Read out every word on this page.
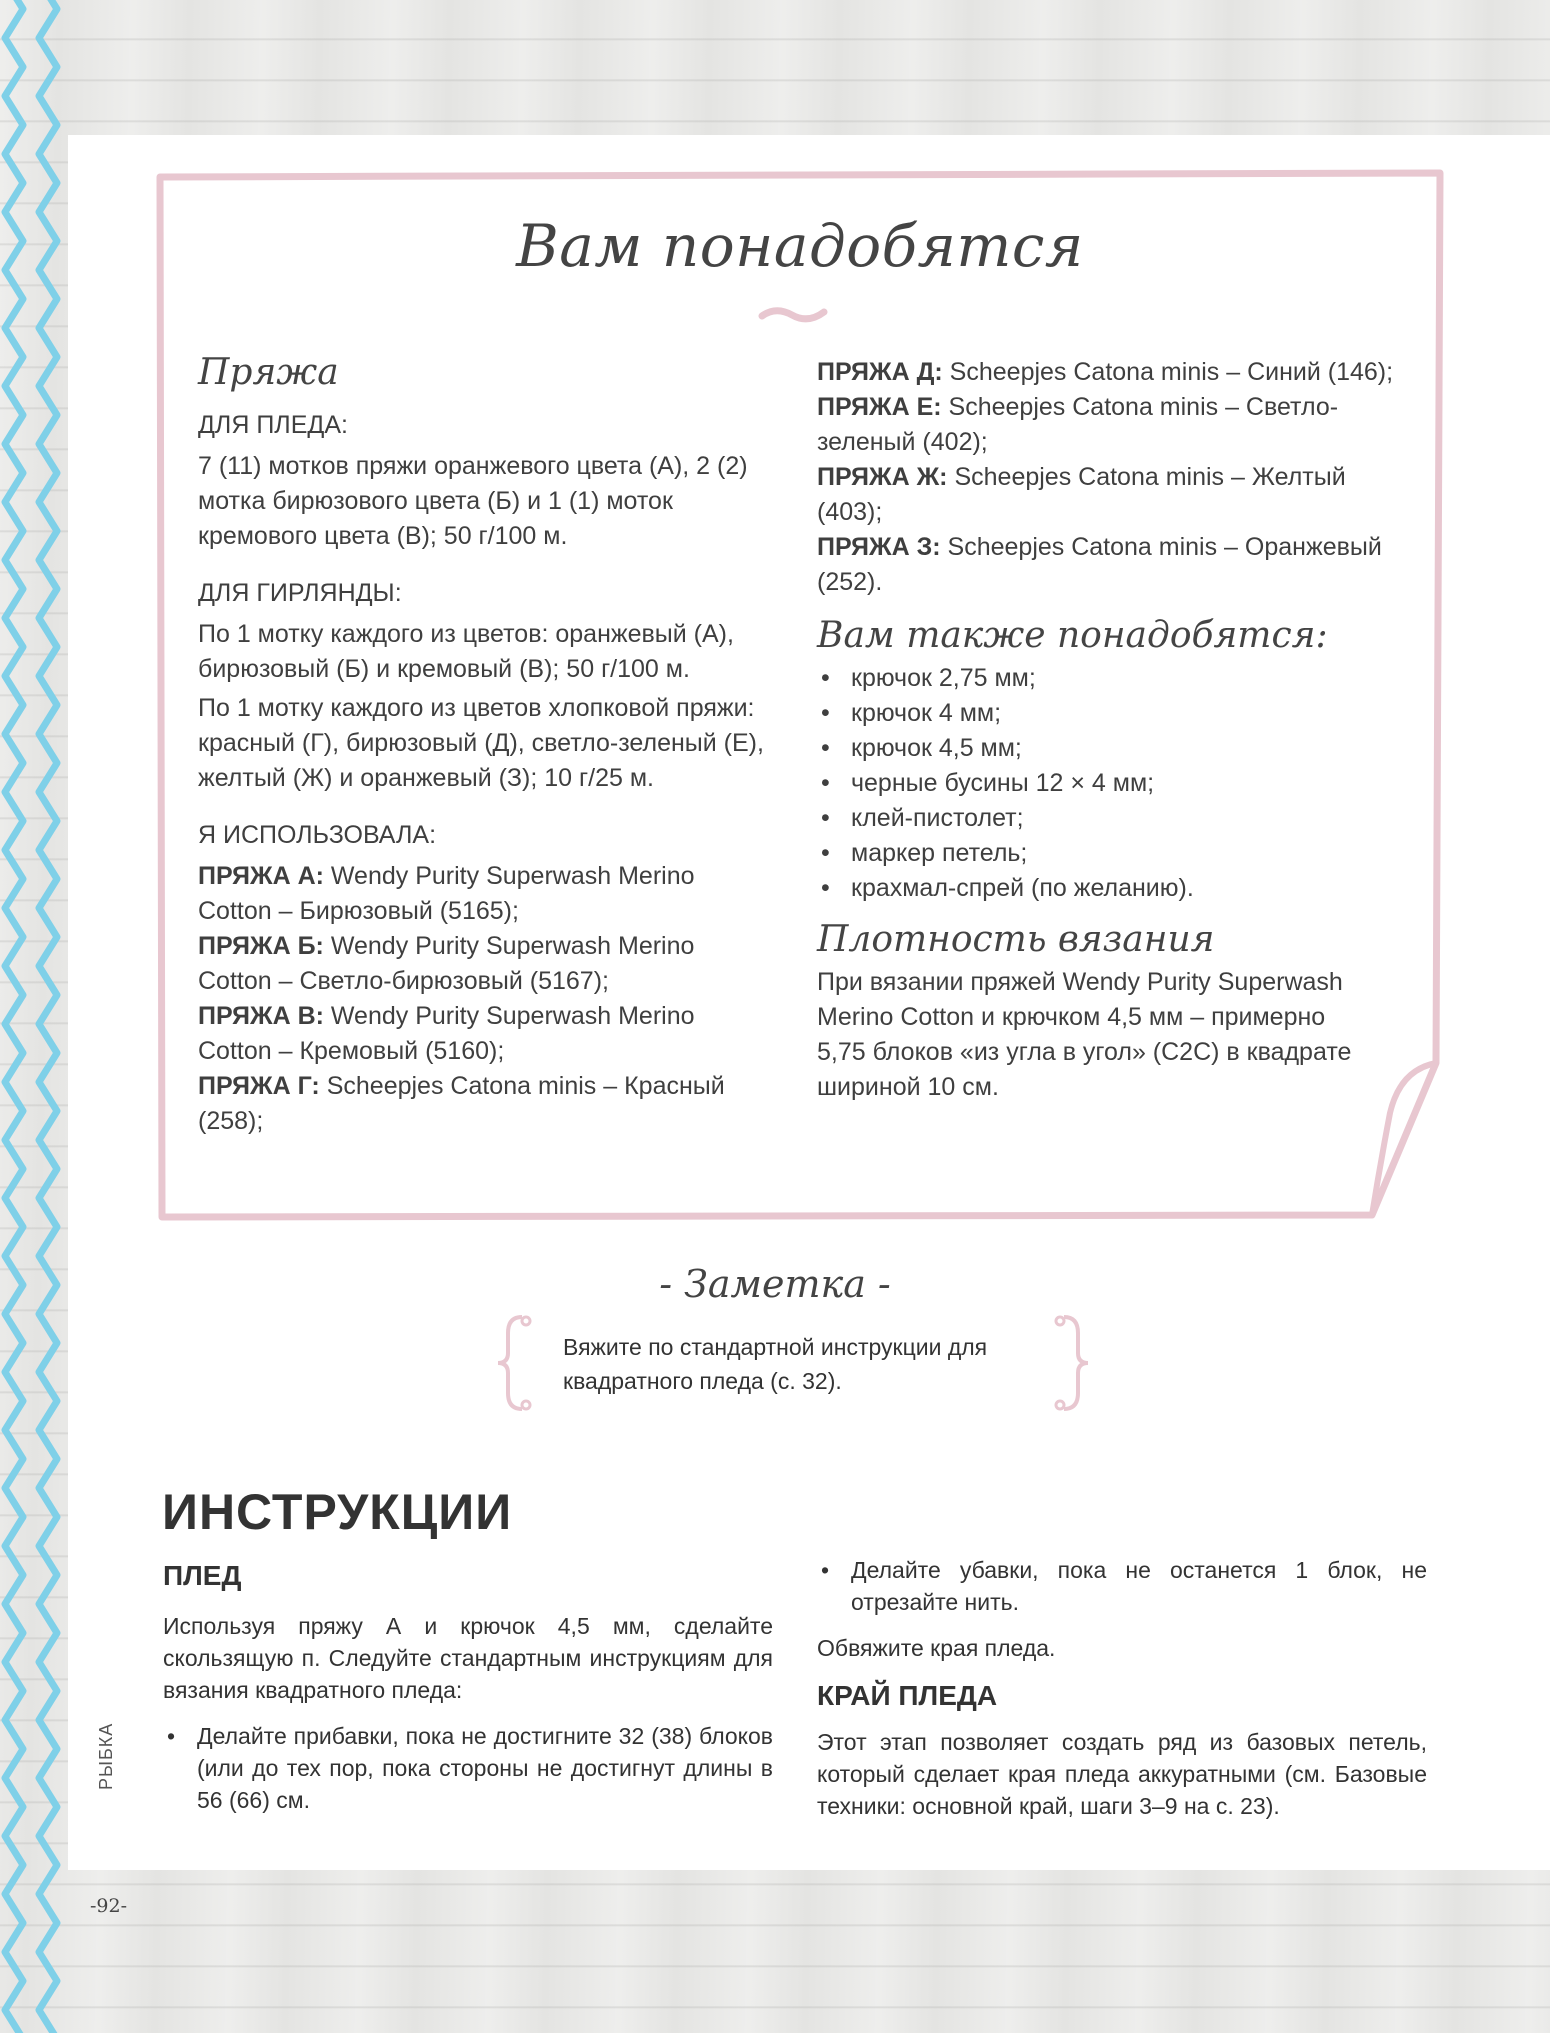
Вам понадобятся

Пряжа

ДЛЯ ПЛЕДА:

7 (11) мотков пряжи оранжевого цвета (А), 2 (2) мотка бирюзового цвета (Б) и 1 (1) моток кремового цвета (В); 50 г/100 м.

ДЛЯ ГИРЛЯНДЫ:

По 1 мотку каждого из цветов: оранжевый (А), бирюзовый (Б) и кремовый (В); 50 г/100 м.

По 1 мотку каждого из цветов хлопковой пряжи: красный (Г), бирюзовый (Д), светло-зеленый (Е), желтый (Ж) и оранжевый (З); 10 г/25 м.

Я ИСПОЛЬЗОВАЛА:

ПРЯЖА А: Wendy Purity Superwash Merino Cotton – Бирюзовый (5165);

ПРЯЖА Б: Wendy Purity Superwash Merino Cotton – Светло-бирюзовый (5167);

ПРЯЖА В: Wendy Purity Superwash Merino Cotton – Кремовый (5160);

ПРЯЖА Г: Scheepjes Catona minis – Красный (258);

ПРЯЖА Д: Scheepjes Catona minis – Синий (146);

ПРЯЖА Е: Scheepjes Catona minis – Светло-зеленый (402);

ПРЯЖА Ж: Scheepjes Catona minis – Желтый (403);

ПРЯЖА З: Scheepjes Catona minis – Оранжевый (252).

Вам также понадобятся:

• крючок 2,75 мм;
• крючок 4 мм;
• крючок 4,5 мм;
• черные бусины 12 × 4 мм;
• клей-пистолет;
• маркер петель;
• крахмал-спрей (по желанию).

Плотность вязания

При вязании пряжей Wendy Purity Superwash Merino Cotton и крючком 4,5 мм – примерно 5,75 блоков «из угла в угол» (C2C) в квадрате шириной 10 см.

- Заметка -
Вяжите по стандартной инструкции для квадратного пледа (с. 32).
ИНСТРУКЦИИ

ПЛЕД

Используя пряжу А и крючок 4,5 мм, сделайте скользящую п. Следуйте стандартным инструкциям для вязания квадратного пледа:

• Делайте прибавки, пока не достигните 32 (38) блоков (или до тех пор, пока стороны не достигнут длины в 56 (66) см.
• Делайте убавки, пока не останется 1 блок, не отрезайте нить.

Обвяжите края пледа.

КРАЙ ПЛЕДА

Этот этап позволяет создать ряд из базовых петель, который сделает края пледа аккуратными (см. Базовые техники: основной край, шаги 3–9 на с. 23).

РЫБКА
-92-
